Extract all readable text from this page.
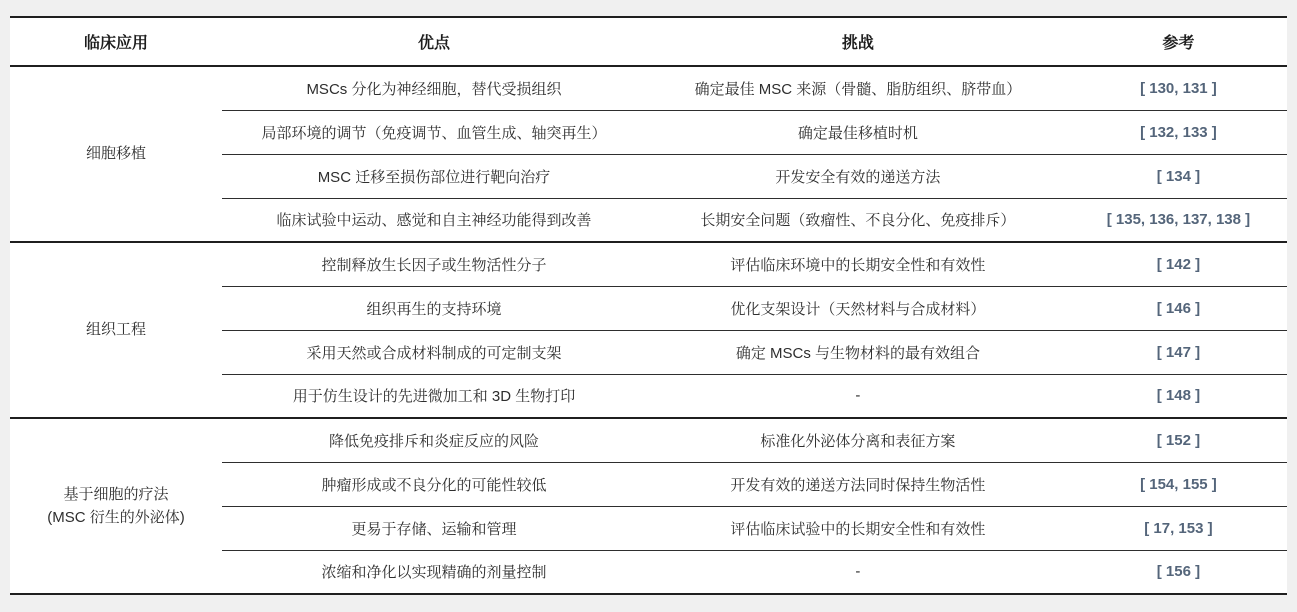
临床应用	优点	挑战	参考
细胞移植	MSCs 分化为神经细胞，替代受损组织	确定最佳 MSC 来源（骨髓、脂肪组织、脐带血）	[ 130, 131 ]
	局部环境的调节（免疫调节、血管生成、轴突再生）	确定最佳移植时机	[ 132, 133 ]
	MSC 迁移至损伤部位进行靶向治疗	开发安全有效的递送方法	[ 134 ]
	临床试验中运动、感觉和自主神经功能得到改善	长期安全问题（致瘤性、不良分化、免疫排斥）	[ 135, 136, 137, 138 ]
组织工程	控制释放生长因子或生物活性分子	评估临床环境中的长期安全性和有效性	[ 142 ]
	组织再生的支持环境	优化支架设计（天然材料与合成材料）	[ 146 ]
	采用天然或合成材料制成的可定制支架	确定 MSCs 与生物材料的最有效组合	[ 147 ]
	用于仿生设计的先进微加工和 3D 生物打印	-	[ 148 ]

基于细胞的疗法
(MSC 衍生的外泌体)	降低免疫排斥和炎症反应的风险	标准化外泌体分离和表征方案	[ 152 ]
	肿瘤形成或不良分化的可能性较低	开发有效的递送方法同时保持生物活性	[ 154, 155 ]
	更易于存储、运输和管理	评估临床试验中的长期安全性和有效性	[ 17, 153 ]
	浓缩和净化以实现精确的剂量控制	-	[ 156 ]
